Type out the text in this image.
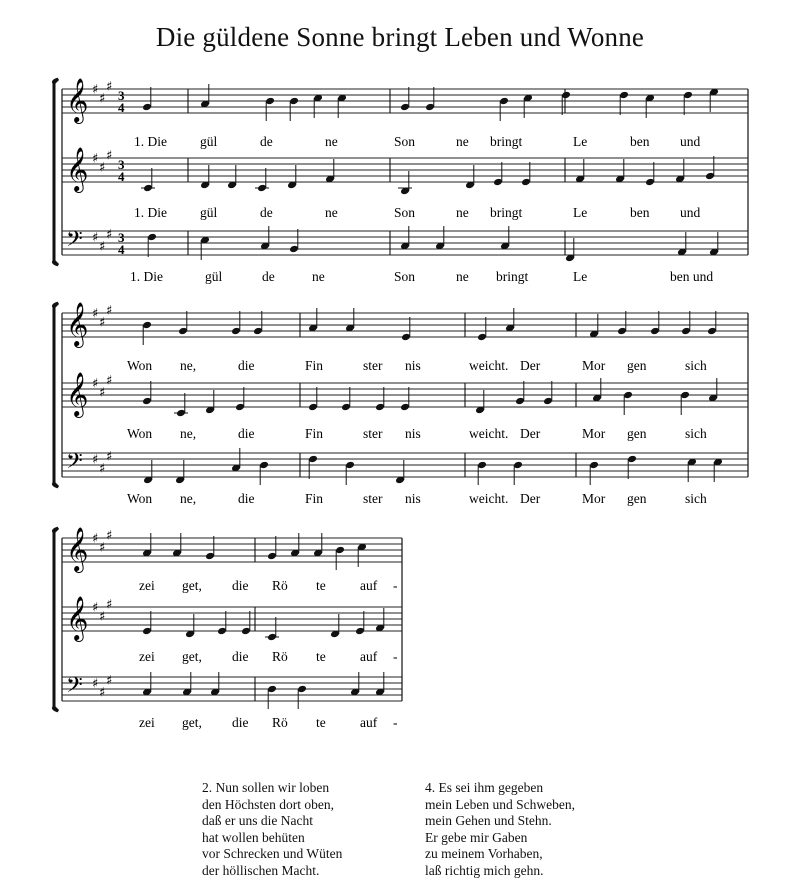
Die güldene Sonne bringt Leben und Wonne
𝄞 ♯
♯
♯
3
4
1. Die gül	de	ne	Son	ne bringt	Le	ben und
𝄞 ♯
♯
♯
3
4
1. Die gül	de	ne	Son	ne bringt	Le	ben und
𝄢 ♯
♯
♯ 3
4
1. Die	gül	de	ne	Son	ne bringt	Le	ben und
𝄞 ♯
♯
♯
Won ne,	die	Fin	ster nis	weicht. Der	Mor gen	sich
𝄞 ♯
♯
♯
Won ne,	die	Fin	ster nis	weicht. Der	Mor gen	sich
𝄢 ♯
♯
♯
Won ne,	die	Fin	ster nis	weicht. Der	Mor gen	sich
𝄞 ♯
♯
♯
zei get, die Rö te	auf -
𝄞 ♯
♯
♯
zei get, die Rö te	auf -
𝄢 ♯
♯
♯
zei get, die Rö te	auf -
2. Nun sollen wir loben
den Höchsten dort oben,
daß er uns die Nacht
hat wollen behüten
vor Schrecken und Wüten
der höllischen Macht.
4. Es sei ihm gegeben
mein Leben und Schweben,
mein Gehen und Stehn.
Er gebe mir Gaben
zu meinem Vorhaben,
laß richtig mich gehn.
